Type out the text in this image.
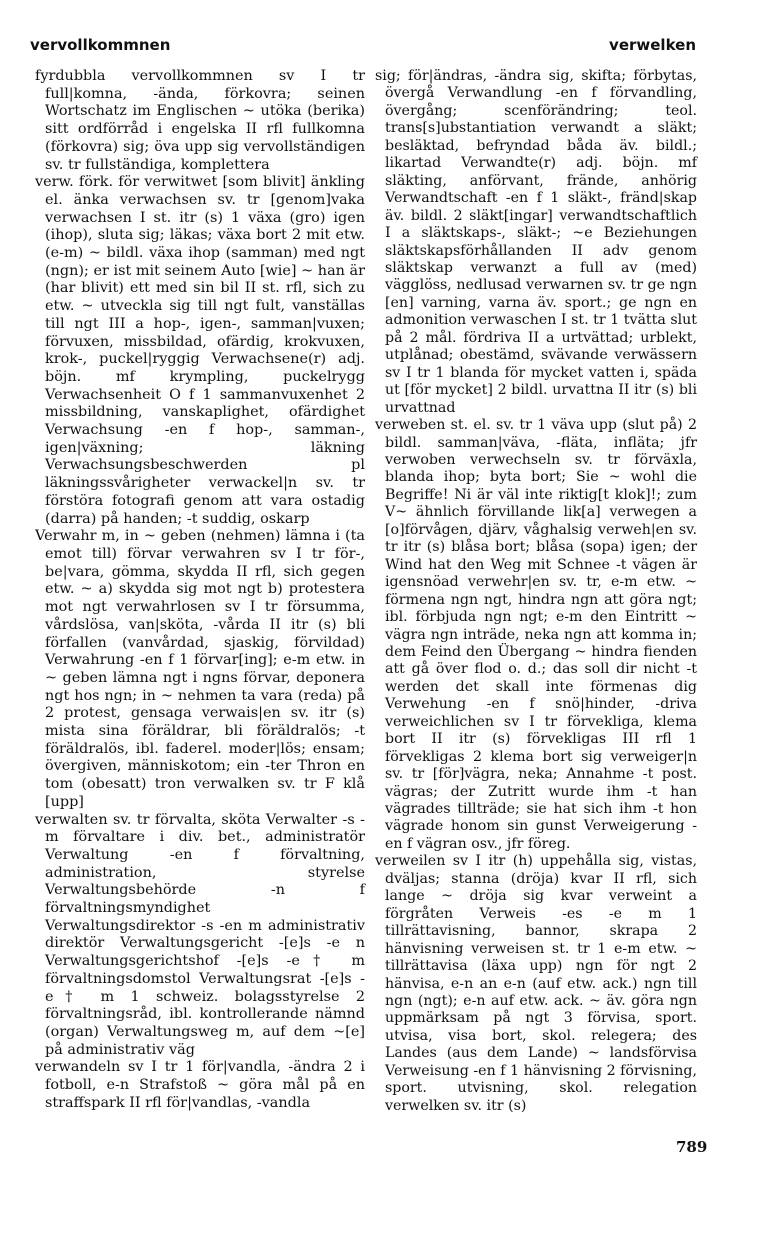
vervollkommnen	verwelken

fyrdubbla vervollkommnen sv I tr full|komna, -ända, förkovra; seinen Wortschatz im Englischen ~ utöka (berika) sitt ordförråd i engelska II rfl fullkomna (förkovra) sig; öva upp sig vervollständigen sv. tr fullständiga, komplettera

verw. förk. för verwitwet [som blivit] änkling el. änka verwachsen sv. tr [genom]vaka verwachsen I st. itr (s) 1 växa (gro) igen (ihop), sluta sig; läkas; växa bort 2 mit etw. (e-m) ~ bildl. växa ihop (samman) med ngt (ngn); er ist mit seinem Auto [wie] ~ han är (har blivit) ett med sin bil II st. rfl, sich zu etw. ~ utveckla sig till ngt fult, vanställas till ngt III a hop-, igen-, samman|vuxen; förvuxen, missbildad, ofärdig, krokvuxen, krok-, puckel|ryggig Verwachsene(r) adj. böjn. mf krympling, puckelrygg Verwachsenheit O f 1 sammanvuxenhet 2 missbildning, vanskaplighet, ofärdighet Verwachsung -en f hop-, samman-, igen|växning; läkning Verwachsungsbeschwerden pl läkningssvårigheter verwackel|n sv. tr förstöra fotografi genom att vara ostadig (darra) på handen; -t suddig, oskarp

Verwahr m, in ~ geben (nehmen) lämna i (ta emot till) förvar verwahren sv I tr för-, be|vara, gömma, skydda II rfl, sich gegen etw. ~ a) skydda sig mot ngt b) protestera mot ngt verwahrlosen sv I tr försumma, vårdslösa, van|sköta, -vårda II itr (s) bli förfallen (vanvårdad, sjaskig, förvildad) Verwahrung -en f 1 förvar[ing]; e-m etw. in ~ geben lämna ngt i ngns förvar, deponera ngt hos ngn; in ~ nehmen ta vara (reda) på 2 protest, gensaga verwais|en sv. itr (s) mista sina föräldrar, bli föräldralös; -t föräldralös, ibl. faderel. moder|lös; ensam; övergiven, människotom; ein -ter Thron en tom (obesatt) tron verwalken sv. tr F klå [upp]

verwalten sv. tr förvalta, sköta Verwalter -s - m förvaltare i div. bet., administratör Verwaltung -en f förvaltning, administration, styrelse Verwaltungsbehörde -n f förvaltningsmyndighet Verwaltungsdirektor -s -en m administrativ direktör Verwaltungsgericht -[e]s -e n Verwaltungsgerichtshof -[e]s -e† m förvaltningsdomstol Verwaltungsrat -[e]s -e† m 1 schweiz. bolagsstyrelse 2 förvaltningsråd, ibl. kontrollerande nämnd (organ) Verwaltungsweg m, auf dem ~[e] på administrativ väg

verwandeln sv I tr 1 för|vandla, -ändra 2 i fotboll, e-n Strafstoß ~ göra mål på en straffspark II rfl för|vandlas, -vandla

sig; för|ändras, -ändra sig, skifta; förbytas, övergå Verwandlung -en f förvandling, övergång; scenförändring; teol. trans[s]ubstantiation verwandt a släkt; besläktad, befryndad båda äv. bildl.; likartad Verwandte(r) adj. böjn. mf släkting, anförvant, frände, anhörig Verwandtschaft -en f 1 släkt-, fränd|skap äv. bildl. 2 släkt[ingar] verwandtschaftlich I a släktskaps-, släkt-; ~e Beziehungen släktskapsförhållanden II adv genom släktskap verwanzt a full av (med) vägglöss, nedlusad verwarnen sv. tr ge ngn [en] varning, varna äv. sport.; ge ngn en admonition verwaschen I st. tr 1 tvätta slut på 2 mål. fördriva II a urtvättad; urblekt, utplånad; obestämd, svävande verwässern sv I tr 1 blanda för mycket vatten i, späda ut [för mycket] 2 bildl. urvattna II itr (s) bli urvattnad

verweben st. el. sv. tr 1 väva upp (slut på) 2 bildl. samman|väva, -fläta, infläta; jfr verwoben verwechseln sv. tr förväxla, blanda ihop; byta bort; Sie ~ wohl die Begriffe! Ni är väl inte riktig[t klok]!; zum V~ ähnlich förvillande lik[a] verwegen a [o]förvågen, djärv, våghalsig verweh|en sv. tr itr (s) blåsa bort; blåsa (sopa) igen; der Wind hat den Weg mit Schnee -t vägen är igensnöad verwehr|en sv. tr, e-m etw. ~ förmena ngn ngt, hindra ngn att göra ngt; ibl. förbjuda ngn ngt; e-m den Eintritt ~ vägra ngn inträde, neka ngn att komma in; dem Feind den Übergang ~ hindra fienden att gå över flod o. d.; das soll dir nicht -t werden det skall inte förmenas dig Verwehung -en f snö|hinder, -driva verweichlichen sv I tr förvekliga, klema bort II itr (s) förvekligas III rfl 1 förvekligas 2 klema bort sig verweiger|n sv. tr [för]vägra, neka; Annahme -t post. vägras; der Zutritt wurde ihm -t han vägrades tillträde; sie hat sich ihm -t hon vägrade honom sin gunst Verweigerung -en f vägran osv., jfr föreg.

verweilen sv I itr (h) uppehålla sig, vistas, dväljas; stanna (dröja) kvar II rfl, sich lange ~ dröja sig kvar verweint a förgråten Verweis -es -e m 1 tillrättavisning, bannor, skrapa 2 hänvisning verweisen st. tr 1 e-m etw. ~ tillrättavisa (läxa upp) ngn för ngt 2 hänvisa, e-n an e-n (auf etw. ack.) ngn till ngn (ngt); e-n auf etw. ack. ~ äv. göra ngn uppmärksam på ngt 3 förvisa, sport. utvisa, visa bort, skol. relegera; des Landes (aus dem Lande) ~ landsförvisa Verweisung -en f 1 hänvisning 2 förvisning, sport. utvisning, skol. relegation verwelken sv. itr (s)

789
